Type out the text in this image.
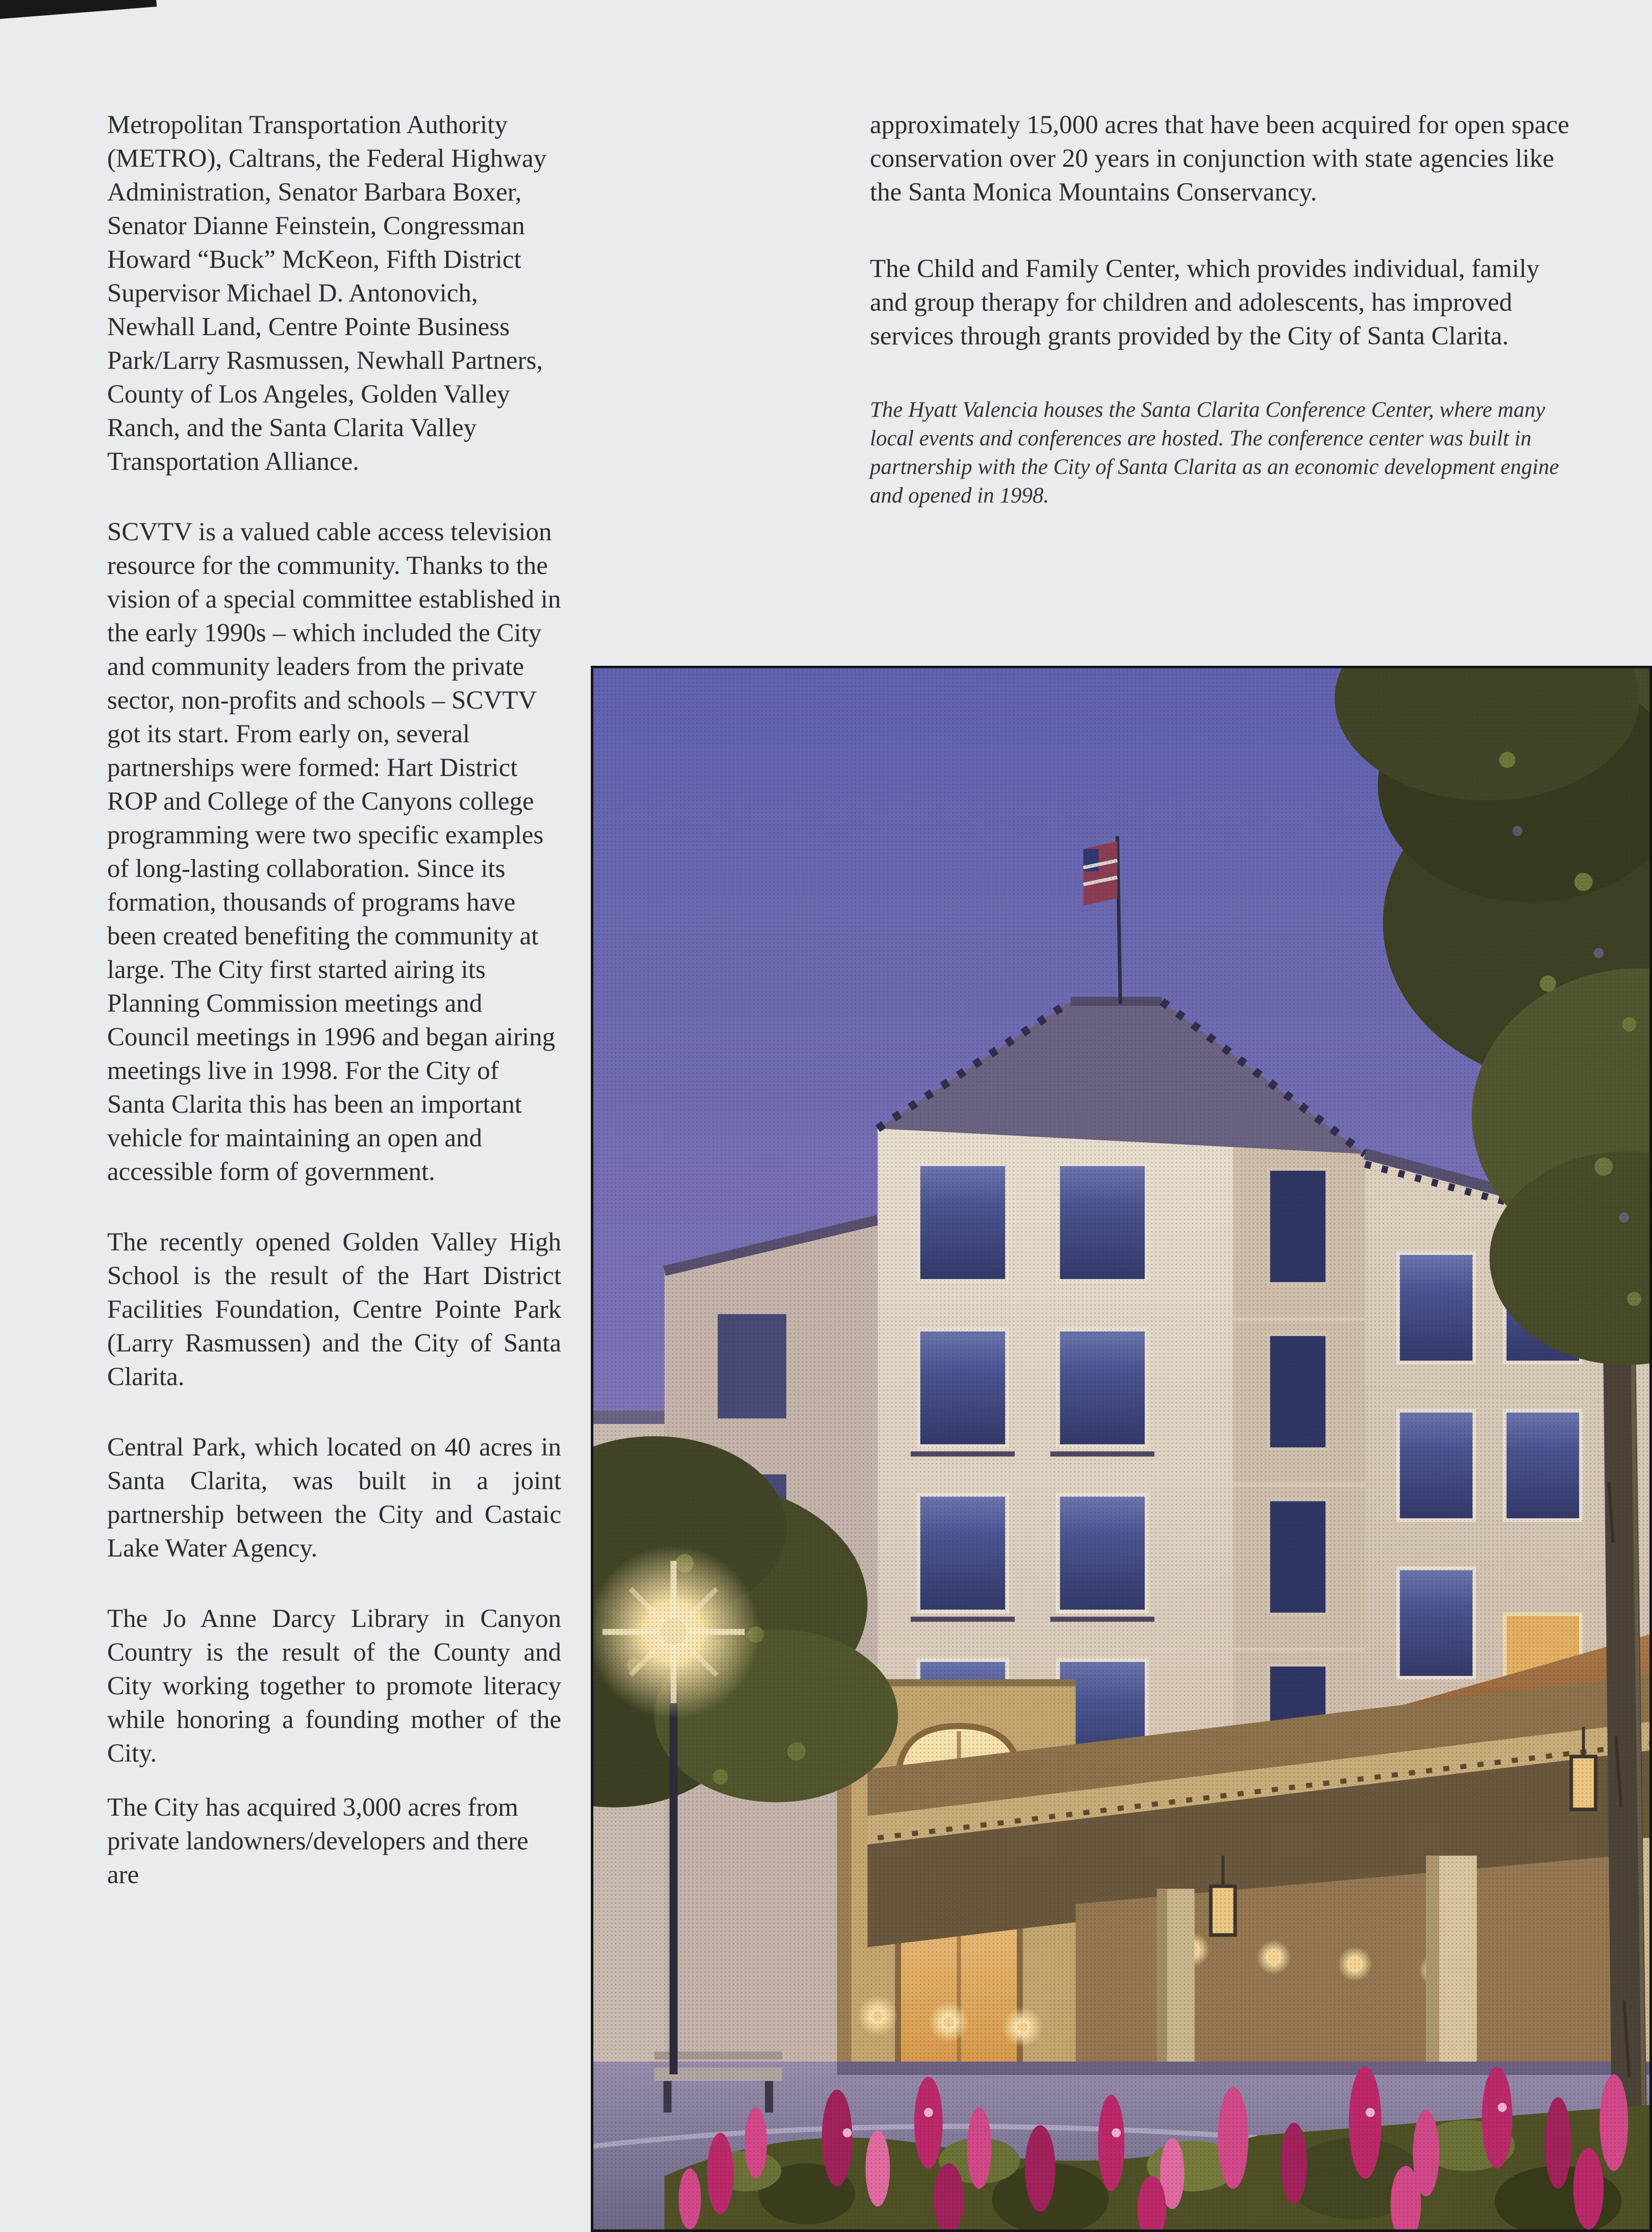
Metropolitan Transportation Authority (METRO), Caltrans, the Federal Highway Administration, Senator Barbara Boxer, Senator Dianne Feinstein, Congressman Howard “Buck” McKeon, Fifth District Supervisor Michael D. Antonovich, Newhall Land, Centre Pointe Business Park/Larry Rasmussen, Newhall Partners, County of Los Angeles, Golden Valley Ranch, and the Santa Clarita Valley Transportation Alliance.

SCVTV is a valued cable access television resource for the community. Thanks to the vision of a special committee established in the early 1990s – which included the City and community leaders from the private sector, non-profits and schools – SCVTV got its start. From early on, several partnerships were formed: Hart District ROP and College of the Canyons college programming were two specific examples of long-lasting collaboration. Since its formation, thousands of programs have been created benefiting the community at large. The City first started airing its Planning Commission meetings and Council meetings in 1996 and began airing meetings live in 1998. For the City of Santa Clarita this has been an important vehicle for maintaining an open and accessible form of government.

The recently opened Golden Valley High School is the result of the Hart District Facilities Foundation, Centre Pointe Park (Larry Rasmussen) and the City of Santa Clarita.

Central Park, which located on 40 acres in Santa Clarita, was built in a joint partnership between the City and Castaic Lake Water Agency.

The Jo Anne Darcy Library in Canyon Country is the result of the County and City working together to promote literacy while honoring a founding mother of the City.

The City has acquired 3,000 acres from private landowners/developers and there are

approximately 15,000 acres that have been acquired for open space conservation over 20 years in conjunction with state agencies like the Santa Monica Mountains Conservancy.

The Child and Family Center, which provides individual, family and group therapy for children and adolescents, has improved services through grants provided by the City of Santa Clarita.

The Hyatt Valencia houses the Santa Clarita Conference Center, where many local events and conferences are hosted. The conference center was built in partnership with the City of Santa Clarita as an economic development engine and opened in 1998.
